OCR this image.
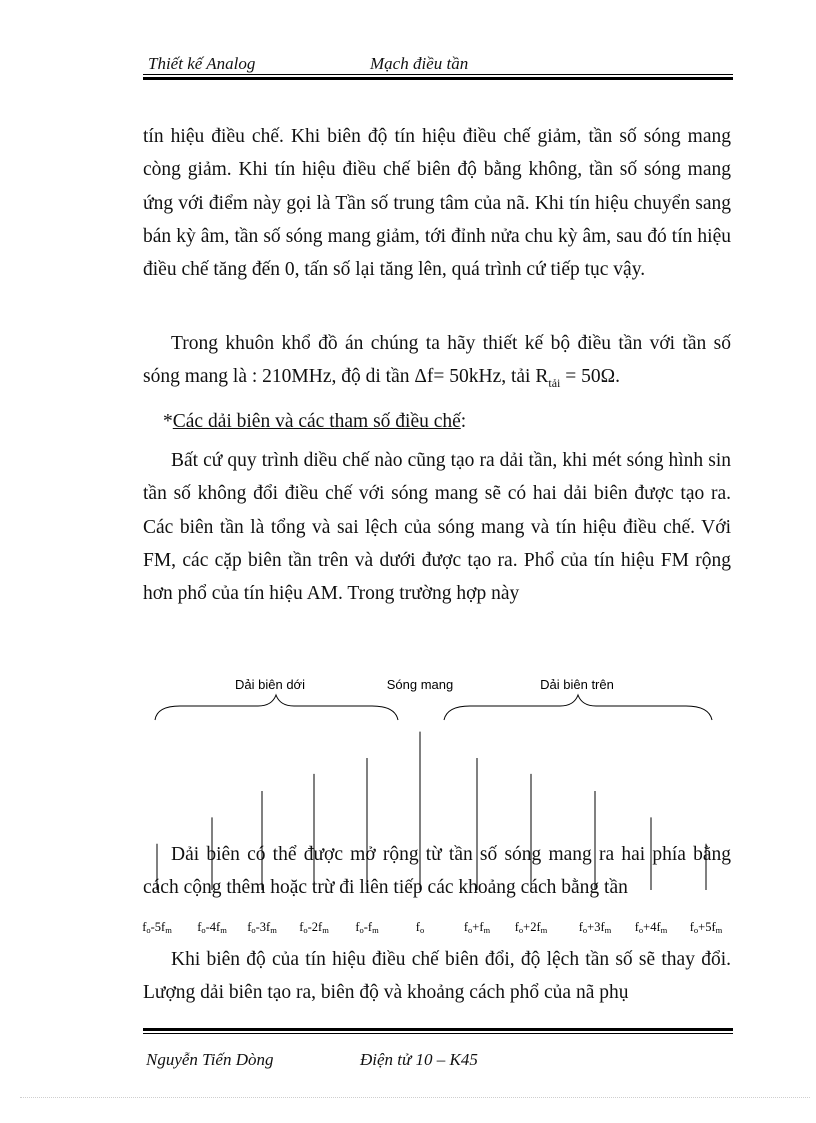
Thiết kế Analog	Mạch điều tần

tín hiệu điều chế. Khi biên độ tín hiệu điều chế giảm, tần số sóng mang còng giảm. Khi tín hiệu điều chế biên độ bằng không, tần số sóng mang ứng với điểm này gọi là Tần số trung tâm của nã. Khi tín hiệu chuyển sang bán kỳ âm, tần số sóng mang giảm, tới đỉnh nửa chu kỳ âm, sau đó tín hiệu điều chế tăng đến 0, tấn số lại tăng lên, quá trình cứ tiếp tục vậy.

Trong khuôn khổ đồ án chúng ta hãy thiết kế bộ điều tần với tần số sóng mang là : 210MHz, độ di tần Δf= 50kHz, tải $R_{tải} = 50\Omega$.

*Các dải biên và các tham số điều chế:

Bất cứ quy trình diều chế nào cũng tạo ra dải tần, khi mét sóng hình sin tần số không đổi điều chế với sóng mang sẽ có hai dải biên được tạo ra. Các biên tần là tổng và sai lệch của sóng mang và tín hiệu điều chế. Với FM, các cặp biên tần trên và dưới được tạo ra. Phổ của tín hiệu FM rộng hơn phổ của tín hiệu AM. Trong trường hợp này

Dải biên có thể được mở rộng từ tần số sóng mang ra hai phía bằng cách cộng thêm hoặc trừ đi liên tiếp các khoảng cách bằng tần

Dải biên dới	Sóng mang	Dải biên trên
fo-5fm fo-4fm fo-3fm fo-2fm fo-fm	fo	fo+fm fo+2fm	fo+3fm fo+4fm fo+5fm

Khi biên độ của tín hiệu điều chế biên đổi, độ lệch tần số sẽ thay đổi. Lượng dải biên tạo ra, biên độ và khoảng cách phổ của nã phụ

Nguyễn Tiến Dòng	Điện tử 10 – K45
